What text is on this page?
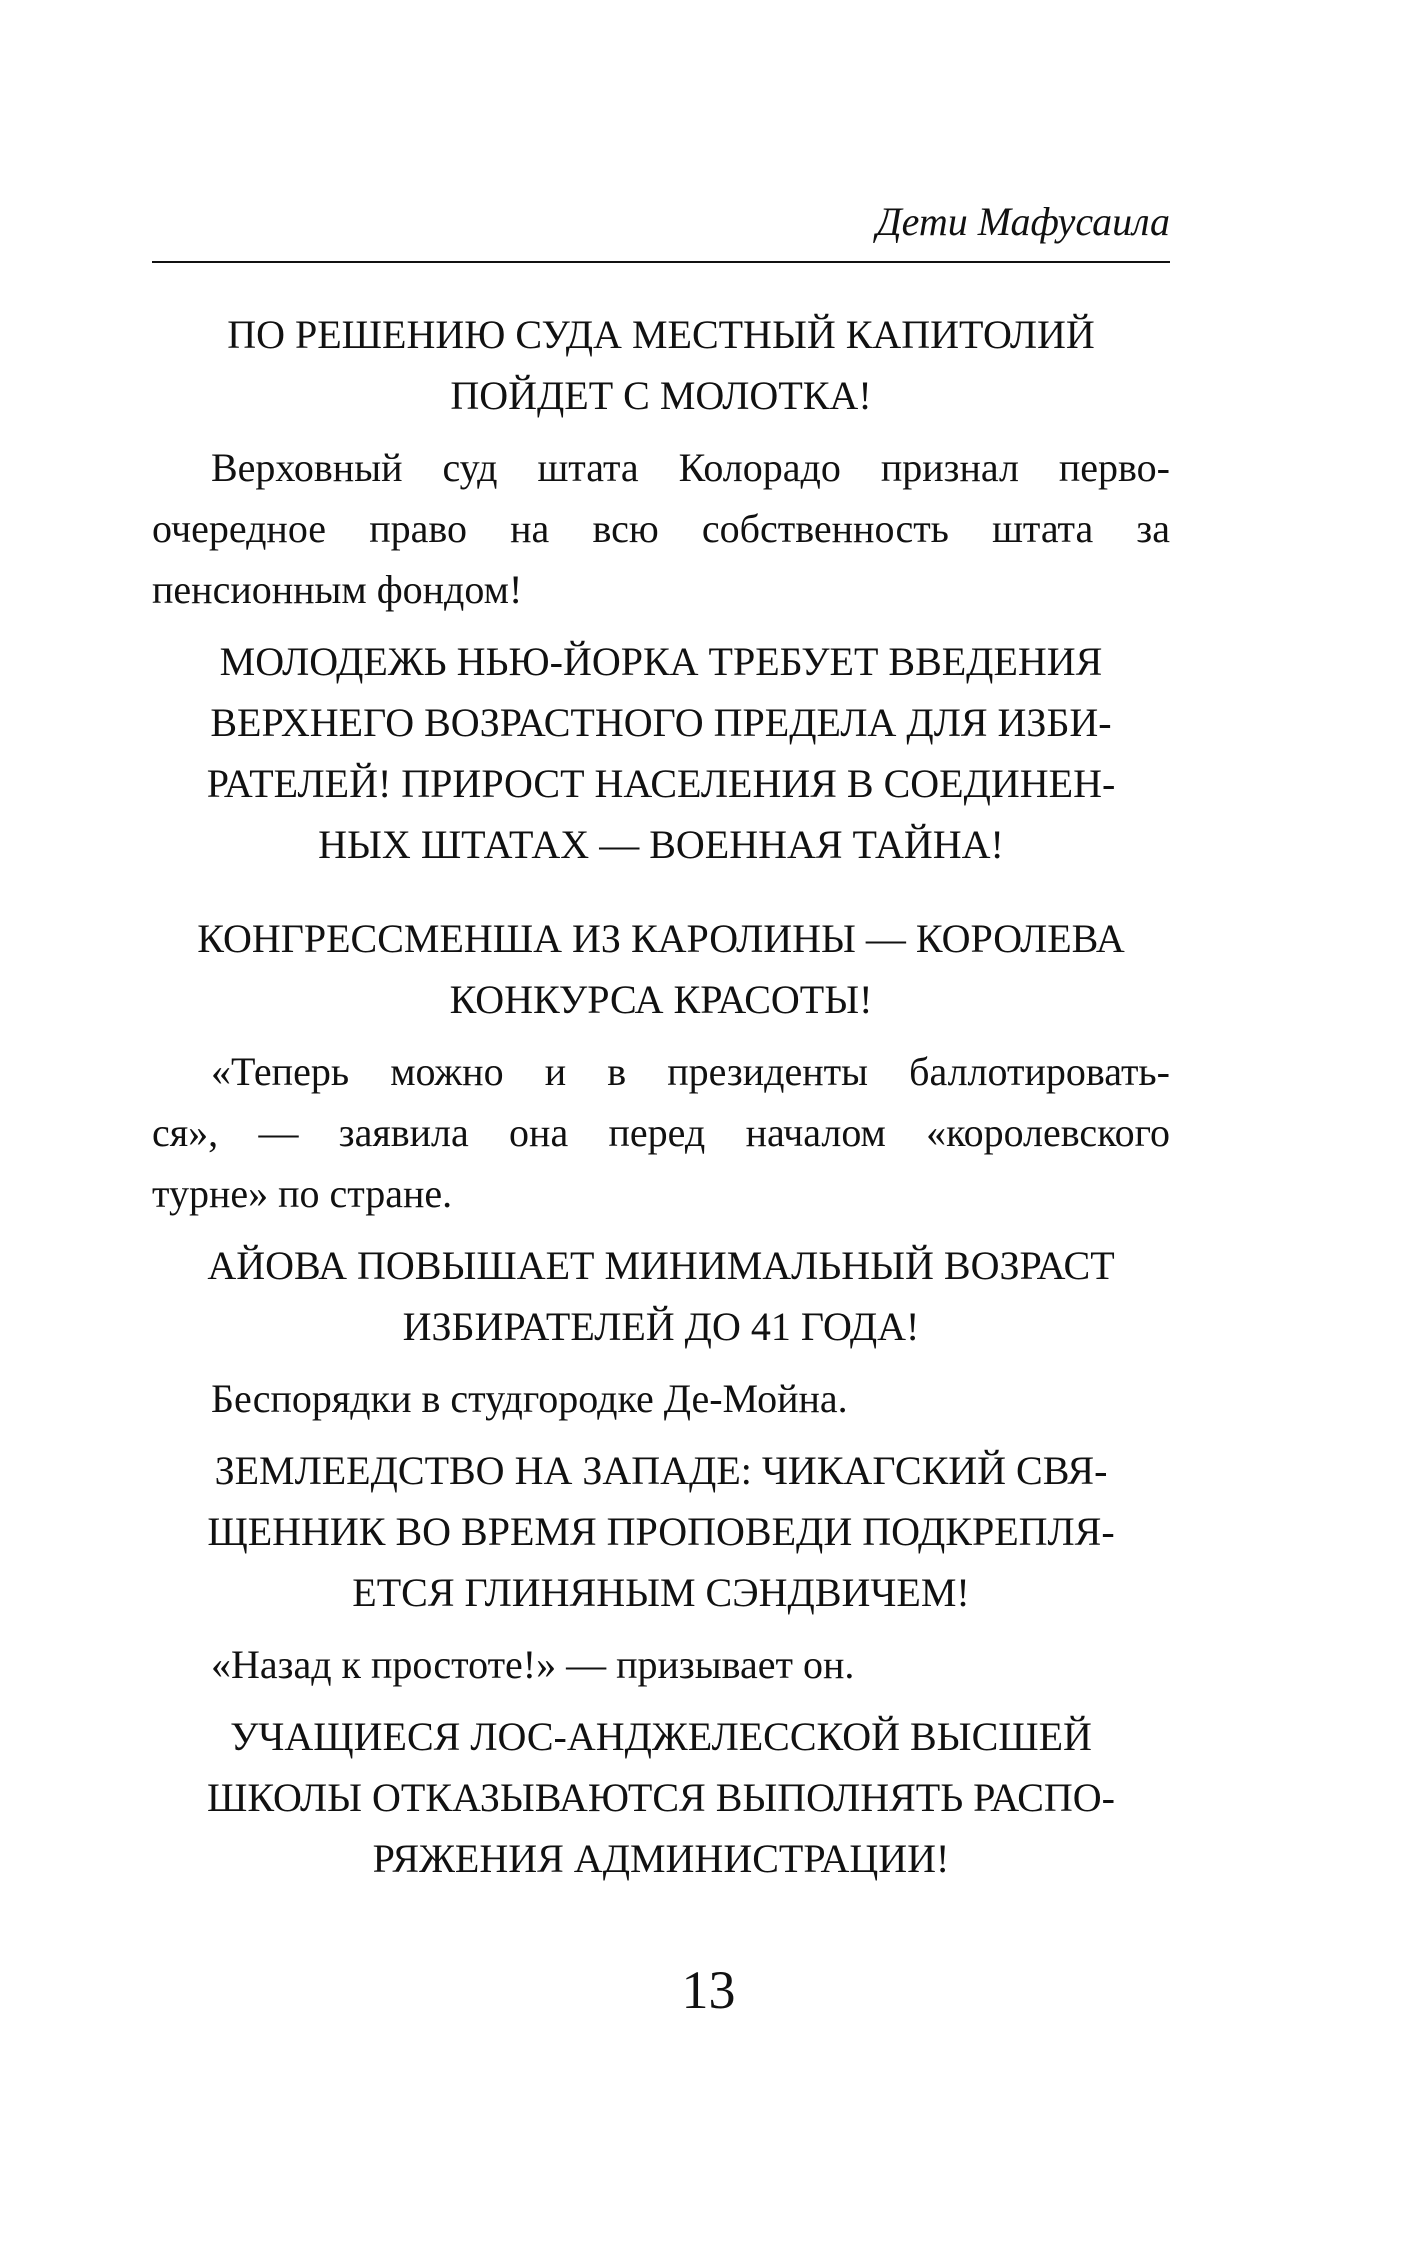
Дети Мафусаила
ПО РЕШЕНИЮ СУДА МЕСТНЫЙ КАПИТОЛИЙ
ПОЙДЕТ С МОЛОТКА!
Верховный суд штата Колорадо признал перво-
очередное право на всю собственность штата за
пенсионным фондом!
МОЛОДЕЖЬ НЬЮ-ЙОРКА ТРЕБУЕТ ВВЕДЕНИЯ
ВЕРХНЕГО ВОЗРАСТНОГО ПРЕДЕЛА ДЛЯ ИЗБИ-
РАТЕЛЕЙ! ПРИРОСТ НАСЕЛЕНИЯ В СОЕДИНЕН-
НЫХ ШТАТАХ — ВОЕННАЯ ТАЙНА!
КОНГРЕССМЕНША ИЗ КАРОЛИНЫ — КОРОЛЕВА
КОНКУРСА КРАСОТЫ!
«Теперь можно и в президенты баллотировать-
ся», — заявила она перед началом «королевского
турне» по стране.
АЙОВА ПОВЫШАЕТ МИНИМАЛЬНЫЙ ВОЗРАСТ
ИЗБИРАТЕЛЕЙ ДО 41 ГОДА!
Беспорядки в студгородке Де-Мойна.
ЗЕМЛЕЕДСТВО НА ЗАПАДЕ: ЧИКАГСКИЙ СВЯ-
ЩЕННИК ВО ВРЕМЯ ПРОПОВЕДИ ПОДКРЕПЛЯ-
ЕТСЯ ГЛИНЯНЫМ СЭНДВИЧЕМ!
«Назад к простоте!» — призывает он.
УЧАЩИЕСЯ ЛОС-АНДЖЕЛЕССКОЙ ВЫСШЕЙ
ШКОЛЫ ОТКАЗЫВАЮТСЯ ВЫПОЛНЯТЬ РАСПО-
РЯЖЕНИЯ АДМИНИСТРАЦИИ!
13
